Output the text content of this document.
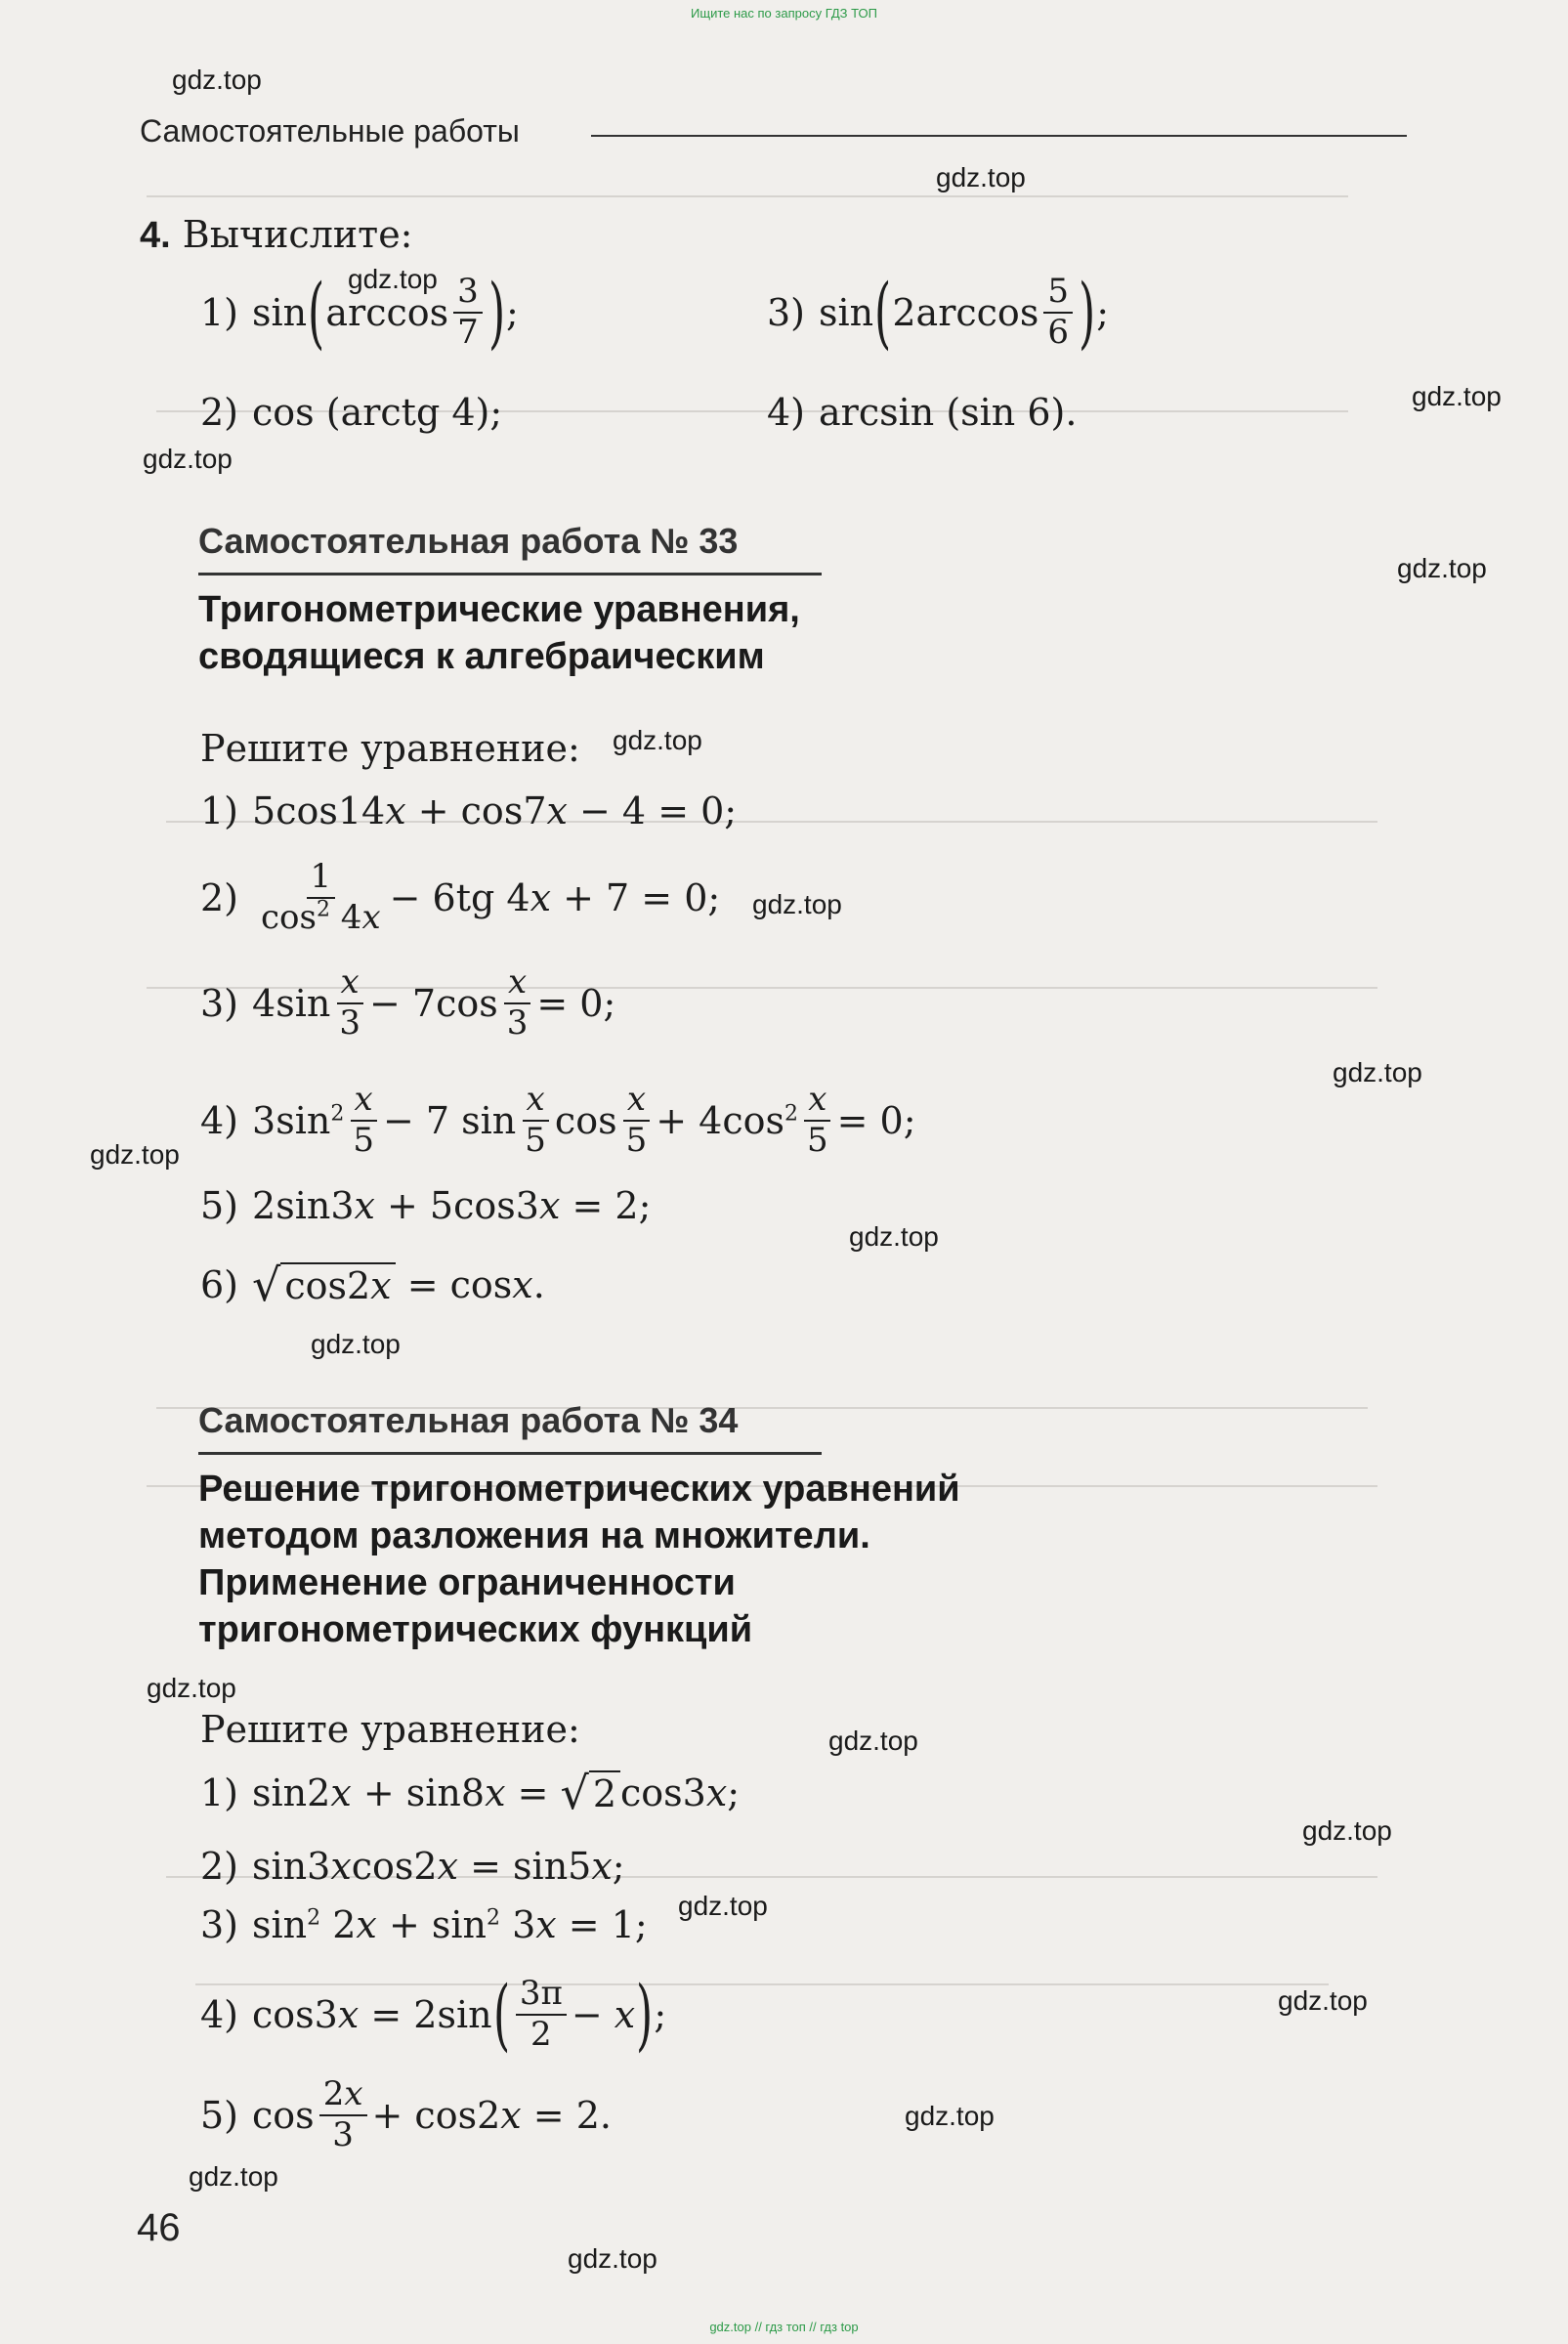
Ищите нас по запросу ГДЗ ТОП
gdz.top // гдз топ // гдз top
Самостоятельные работы
4. Вычислите:
1) sin ( $\arccos \frac{3}{7}$ ) ;	3) sin ( $2\arccos \frac{5}{6}$ ) ;
2) cos (arctg 4);	4) arcsin (sin 6).
Самостоятельная работа № 33
Тригонометрические уравнения,
сводящиеся к алгебраическим
Решите уравнение:
1) 5cos14x + cos7x − 4 = 0;
$2) \frac{1}{\cos^2 4x} - 6tg$ 4x + 7 = 0;
3) $4\sin \frac{x}{3} - 7\cos \frac{x}{3} = 0$;
4) $3\sin^2 \frac{x}{5} - 7$ $\sin \frac{x}{5}$ $\cos \frac{x}{5} + 4\cos^2 \frac{x}{5} = 0$;
5) 2sin3x + 5cos3x = 2;
6) √ cos2x = cosx.
Самостоятельная работа № 34
Решение тригонометрических уравнений
методом разложения на множители.
Применение ограниченности
тригонометрических функций
Решите уравнение:
1) sin2x + sin8x = √ 2 cos3x;
2) sin3xcos2x = sin5x;
3) $\sin^2 2x + \sin^2 3x = 1$;
4) cos3x = 2sin ( $\frac{3\pi}{2} - x$ ) ;
5) $\cos \frac{2x}{3} + \cos 2x = 2$.
46
gdz.top
gdz.top
gdz.top
gdz.top
gdz.top
gdz.top
gdz.top
gdz.top
gdz.top
gdz.top
gdz.top
gdz.top
gdz.top
gdz.top
gdz.top
gdz.top
gdz.top
gdz.top
gdz.top
gdz.top
